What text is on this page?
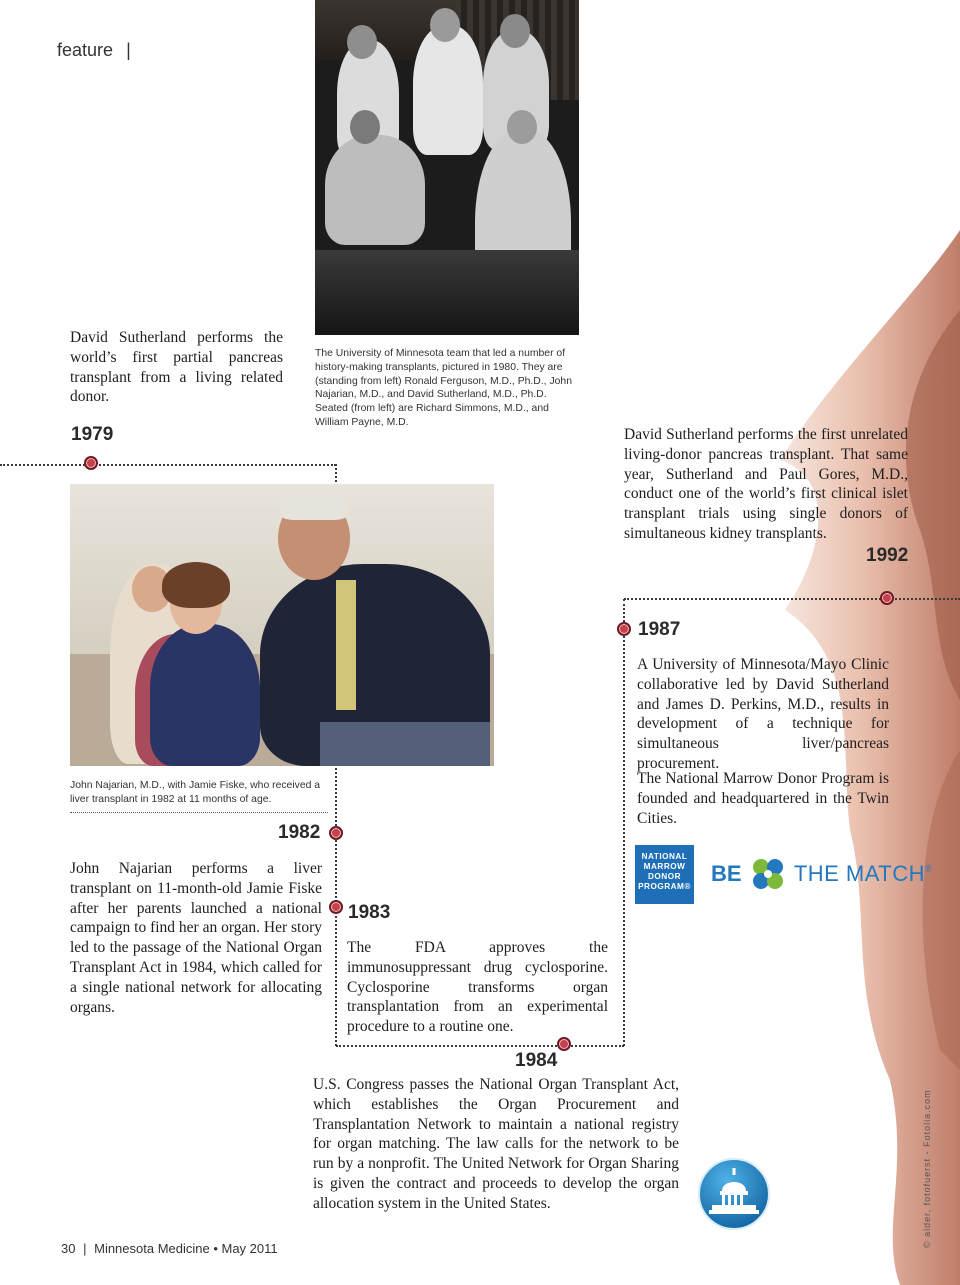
feature |
The University of Minnesota team that led a number of history-making transplants, pictured in 1980. They are (standing from left) Ronald Ferguson, M.D., Ph.D., John Najarian, M.D., and David Sutherland, M.D., Ph.D. Seated (from left) are Richard Simmons, M.D., and William Payne, M.D.
David Sutherland performs the world’s first partial pancreas transplant from a living related donor.
1979
John Najarian, M.D., with Jamie Fiske, who received a liver transplant in 1982 at 11 months of age.
1982
John Najarian performs a liver transplant on 11-month-old Jamie Fiske after her parents launched a national campaign to find her an organ. Her story led to the passage of the National Organ Transplant Act in 1984, which called for a single national network for allocating organs.
1983
The FDA approves the immunosuppressant drug cyclosporine. Cyclosporine transforms organ transplantation from an experimental procedure to a routine one.
1984
U.S. Congress passes the National Organ Transplant Act, which establishes the Organ Procurement and Transplantation Network to maintain a national registry for organ matching. The law calls for the network to be run by a nonprofit. The United Network for Organ Sharing is given the contract and proceeds to develop the organ allocation system in the United States.
1987
A University of Minnesota/Mayo Clinic collaborative led by David Sutherland and James D. Perkins, M.D., results in development of a technique for simultaneous liver/pancreas procurement.
The National Marrow Donor Program is founded and headquartered in the Twin Cities.
David Sutherland performs the first unrelated living-donor pancreas transplant. That same year, Sutherland and Paul Gores, M.D., conduct one of the world’s first clinical islet transplant trials using single donors of simultaneous kidney transplants.
1992
NATIONAL
MARROW
DONOR
PROGRAM®
BE THE MATCH®
© alder, fotofuerst - Fotolia.com
30 | Minnesota Medicine • May 2011
